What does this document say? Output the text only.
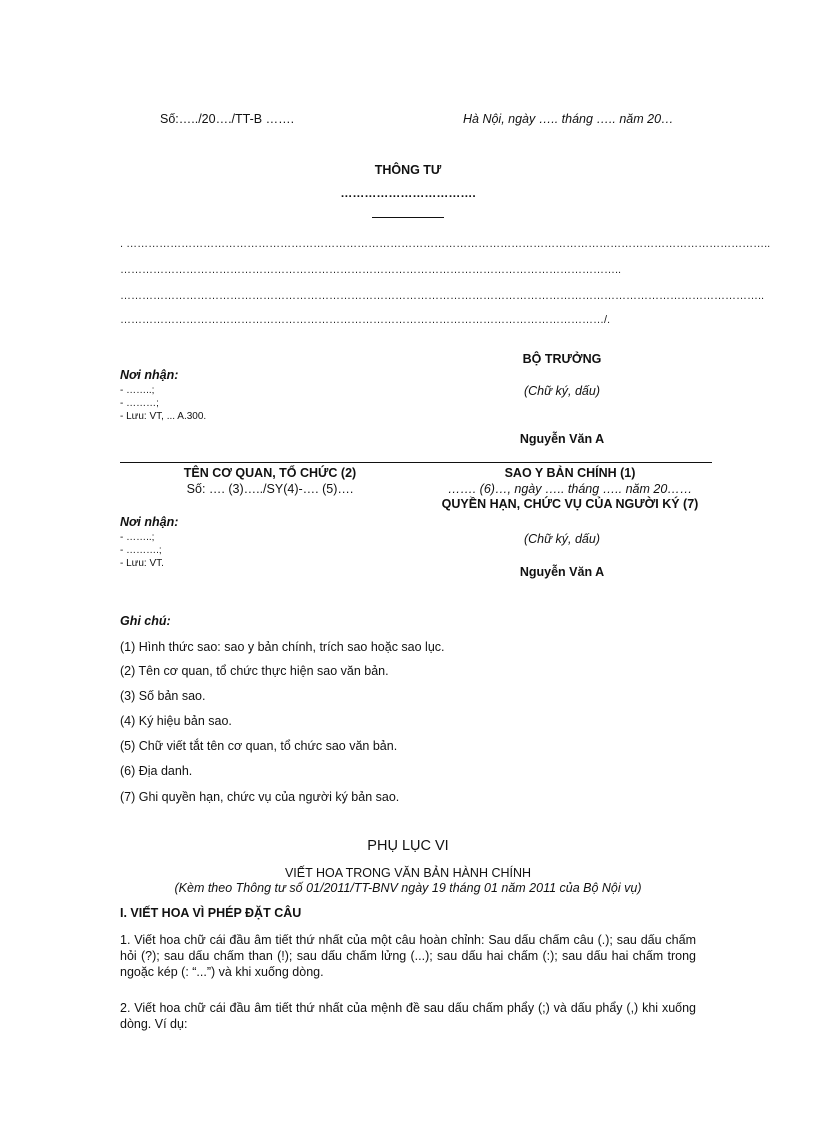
Số:…../20…./TT-B …….	Hà Nội, ngày ….. tháng ….. năm 20…
THÔNG TƯ
…………………………….
. …………………………………………………………………………………………………………………………………………………………..
………………………………………………………………………………………………………………………..
…………………………………………………………………………………………………………………………………………………………..
……………………………………………………………………………………………………………………/.
BỘ TRƯỞNG
(Chữ ký, dấu)
Nguyễn Văn A
Nơi nhận:
- ……..;
- ………;
- Lưu: VT, ... A.300.
TÊN CƠ QUAN, TỔ CHỨC (2)
Số: …. (3)…../SY(4)-…. (5)….
SAO Y BẢN CHÍNH (1)
……. (6)…, ngày ….. tháng ….. năm 20……
QUYỀN HẠN, CHỨC VỤ CỦA NGƯỜI KÝ (7)
(Chữ ký, dấu)
Nguyễn Văn A
Nơi nhận:
- ……..;
- ……….;
- Lưu: VT.
Ghi chú:
(1) Hình thức sao: sao y bản chính, trích sao hoặc sao lục.
(2) Tên cơ quan, tổ chức thực hiện sao văn bản.
(3) Số bản sao.
(4) Ký hiệu bản sao.
(5) Chữ viết tắt tên cơ quan, tổ chức sao văn bản.
(6) Địa danh.
(7) Ghi quyền hạn, chức vụ của người ký bản sao.
PHỤ LỤC VI
VIẾT HOA TRONG VĂN BẢN HÀNH CHÍNH
(Kèm theo Thông tư số 01/2011/TT-BNV ngày 19 tháng 01 năm 2011 của Bộ Nội vụ)
I. VIẾT HOA VÌ PHÉP ĐẶT CÂU
1. Viết hoa chữ cái đầu âm tiết thứ nhất của một câu hoàn chỉnh: Sau dấu chấm câu (.); sau dấu chấm hỏi (?); sau dấu chấm than (!); sau dấu chấm lửng (...); sau dấu hai chấm (:); sau dấu hai chấm trong ngoặc kép (: “...”) và khi xuống dòng.
2. Viết hoa chữ cái đầu âm tiết thứ nhất của mệnh đề sau dấu chấm phẩy (;) và dấu phẩy (,) khi xuống dòng. Ví dụ:
